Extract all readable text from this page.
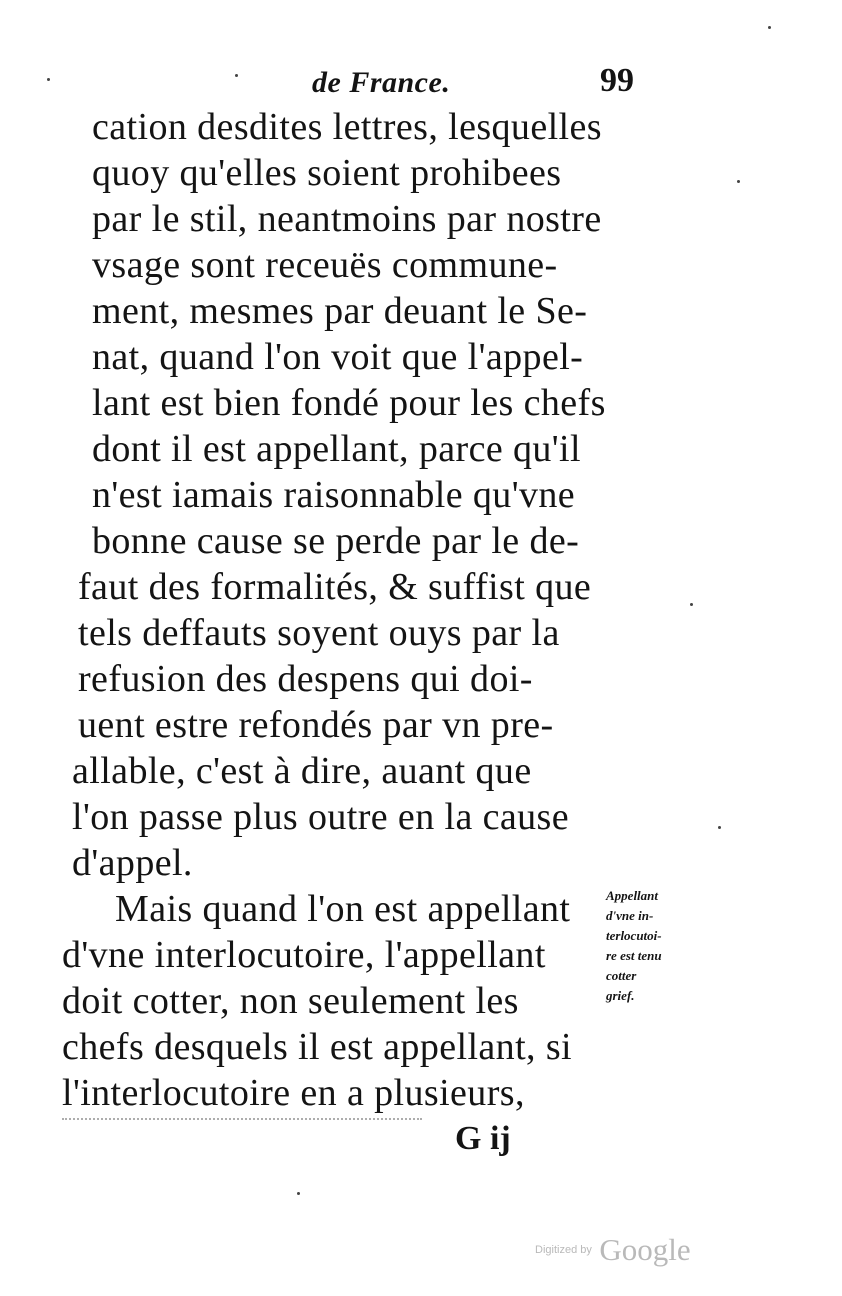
de France.	99
cation desdites lettres, lesquelles
quoy qu'elles soient prohibees
par le stil, neantmoins par nostre
vsage sont receuës commune-
ment, mesmes par deuant le Se-
nat, quand l'on voit que l'appel-
lant est bien fondé pour les chefs
dont il est appellant, parce qu'il
n'est iamais raisonnable qu'vne
bonne cause se perde par le de-
faut des formalités, & suffist que
tels deffauts soyent ouys par la
refusion des despens qui doi-
uent estre refondés par vn pre-
allable, c'est à dire, auant que
l'on passe plus outre en la cause
d'appel.
Mais quand l'on est appellant
d'vne interlocutoire, l'appellant
doit cotter, non seulement les
chefs desquels il est appellant, si
l'interlocutoire en a plusieurs,
Appellant
d'vne in-
terlocutoi-
re est tenu
cotter
grief.
G ij
Digitized by Google
